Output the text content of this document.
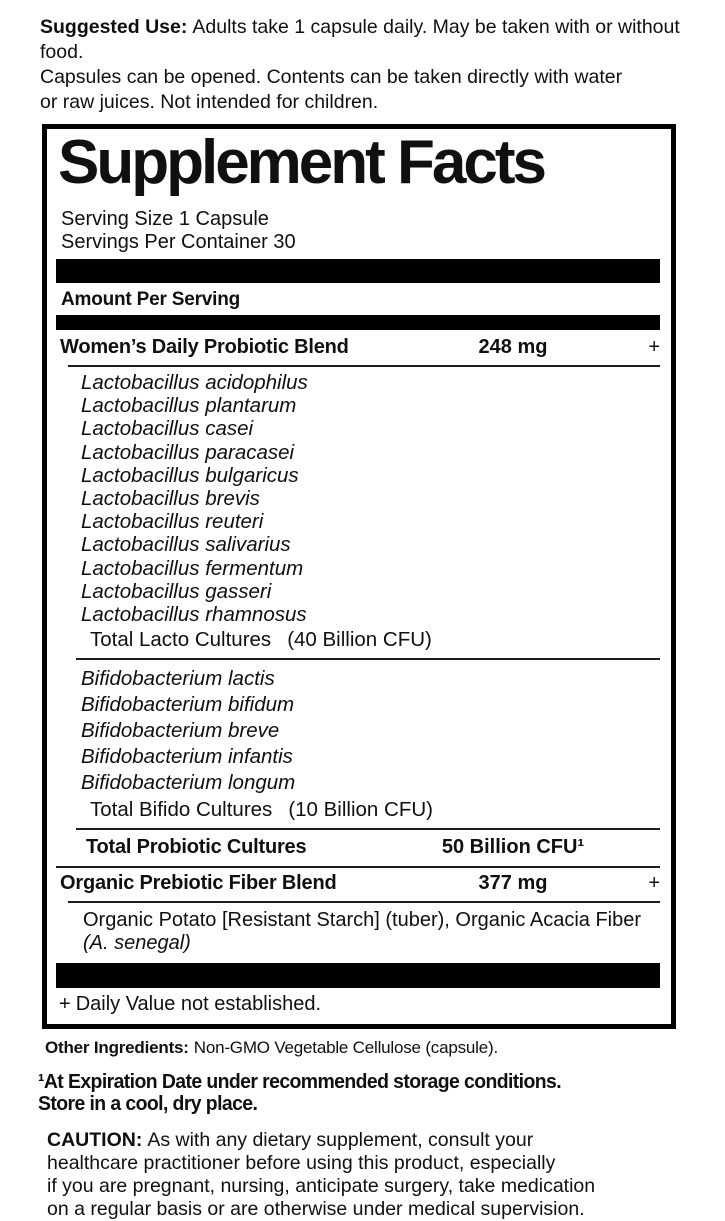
Suggested Use: Adults take 1 capsule daily. May be taken with or without food.
Capsules can be opened. Contents can be taken directly with water
or raw juices. Not intended for children.

Supplement Facts
Serving Size 1 Capsule
Servings Per Container 30
Amount Per Serving
Women’s Daily Probiotic Blend	248 mg	+
Lactobacillus acidophilus
Lactobacillus plantarum
Lactobacillus casei
Lactobacillus paracasei
Lactobacillus bulgaricus
Lactobacillus brevis
Lactobacillus reuteri
Lactobacillus salivarius
Lactobacillus fermentum
Lactobacillus gasseri
Lactobacillus rhamnosus
Total Lacto Cultures (40 Billion CFU)
Bifidobacterium lactis
Bifidobacterium bifidum
Bifidobacterium breve
Bifidobacterium infantis
Bifidobacterium longum
Total Bifido Cultures (10 Billion CFU)
Total Probiotic Cultures	50 Billion CFU¹
Organic Prebiotic Fiber Blend	377 mg	+
Organic Potato [Resistant Starch] (tuber), Organic Acacia Fiber
(A. senegal)
+ Daily Value not established.

Other Ingredients: Non-GMO Vegetable Cellulose (capsule).

¹At Expiration Date under recommended storage conditions.
Store in a cool, dry place.

CAUTION: As with any dietary supplement, consult your
healthcare practitioner before using this product, especially
if you are pregnant, nursing, anticipate surgery, take medication
on a regular basis or are otherwise under medical supervision.
